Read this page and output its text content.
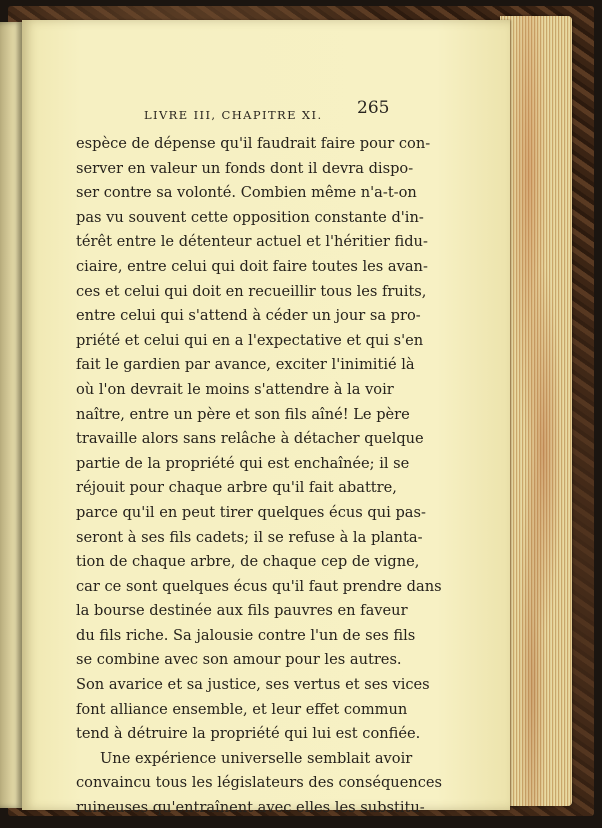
LIVRE III, CHAPITRE XI. 265
espèce de dépense qu'il faudrait faire pour con-
server en valeur un fonds dont il devra dispo-
ser contre sa volonté. Combien même n'a-t-on
pas vu souvent cette opposition constante d'in-
térêt entre le détenteur actuel et l'héritier fidu-
ciaire, entre celui qui doit faire toutes les avan-
ces et celui qui doit en recueillir tous les fruits,
entre celui qui s'attend à céder un jour sa pro-
priété et celui qui en a l'expectative et qui s'en
fait le gardien par avance, exciter l'inimitié là
où l'on devrait le moins s'attendre à la voir
naître, entre un père et son fils aîné! Le père
travaille alors sans relâche à détacher quelque
partie de la propriété qui est enchaînée; il se
réjouit pour chaque arbre qu'il fait abattre,
parce qu'il en peut tirer quelques écus qui pas-
seront à ses fils cadets; il se refuse à la planta-
tion de chaque arbre, de chaque cep de vigne,
car ce sont quelques écus qu'il faut prendre dans
la bourse destinée aux fils pauvres en faveur
du fils riche. Sa jalousie contre l'un de ses fils
se combine avec son amour pour les autres.
Son avarice et sa justice, ses vertus et ses vices
font alliance ensemble, et leur effet commun
tend à détruire la propriété qui lui est confiée.
Une expérience universelle semblait avoir
convaincu tous les législateurs des conséquences
ruineuses qu'entraînent avec elles les substitu-
